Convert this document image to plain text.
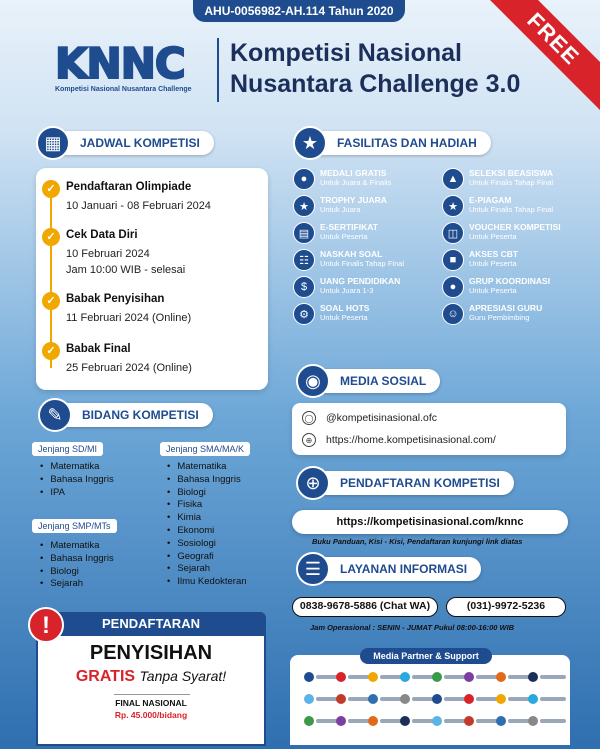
AHU-0056982-AH.114 Tahun 2020	FREE
KNNC
Kompetisi Nasional Nusantara Challenge
Kompetisi Nasional
Nusantara Challenge 3.0
▦	JADWAL KOMPETISI
✓ Pendaftaran Olimpiade
10 Januari - 08 Februari 2024
✓ Cek Data Diri
10 Februari 2024
Jam 10:00 WIB - selesai
✓ Babak Penyisihan
11 Februari 2024 (Online)
✓ Babak Final
25 Februari 2024 (Online)
★	FASILITAS DAN HADIAH
●	MEDALI GRATIS
Untuk Juara & Finalis
★
TROPHY JUARA
Untuk Juara
▤
E-SERTIFIKAT
Untuk Peserta
☷
NASKAH SOAL
Untuk Finalis Tahap Final
$	UANG PENDIDIKAN
Untuk Juara 1-3
⚙
SOAL HOTS
Untuk Peserta
▲	SELEKSI BEASISWA
Untuk Finalis Tahap Final
★
E-PIAGAM
Untuk Finalis Tahap Final
◫
VOUCHER KOMPETISI
Untuk Peserta
■	AKSES CBT
Untuk Peserta
●	GRUP KOORDINASI
Untuk Peserta
☺	APRESIASI GURU
Guru Pembimbing
◉	MEDIA SOSIAL
◯ @kompetisinasional.ofc
⊕	https://home.kompetisinasional.com/
✎	BIDANG KOMPETISI
Jenjang SD/MI
• Matematika
• Bahasa Inggris
• IPA
Jenjang SMP/MTs
• Matematika
• Bahasa Inggris
• Biologi
• Sejarah
Jenjang SMA/MA/K
• Matematika
• Bahasa Inggris
• Biologi
• Fisika
• Kimia
• Ekonomi
• Sosiologi
• Geografi
• Sejarah
• Ilmu Kedokteran
⊕	PENDAFTARAN KOMPETISI
https://kompetisinasional.com/knnc
Buku Panduan, Kisi - Kisi, Pendaftaran kunjungi link diatas
☰	LAYANAN INFORMASI
0838-9678-5886 (Chat WA)	(031)-9972-5236
Jam Operasional : SENIN - JUMAT Pukul 08:00-16:00 WIB
Media Partner & Support
!	PENDAFTARAN
PENYISIHAN
GRATIS Tanpa Syarat!
FINAL NASIONAL
Rp. 45.000/bidang
